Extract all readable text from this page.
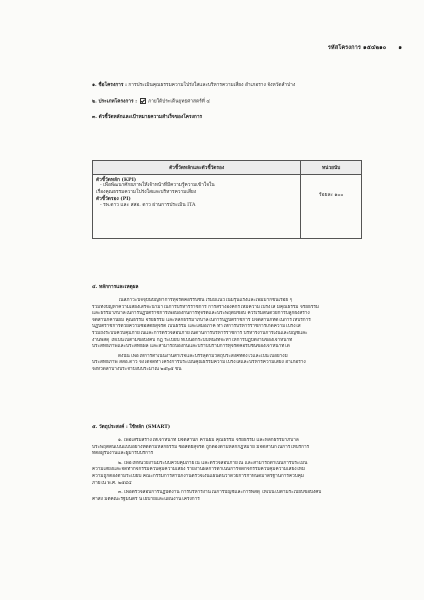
รหัสโครงการ ๑๕๔๒๑๐ ๑
๑. ชื่อโครงการ : การประเมินคุณธรรมความโปร่งใสและบริหารความเสี่ยง อำเภอราง จังหวัดลำปาง
๒. ประเภทโครงการ : ภายใต้ประเด็นยุทธศาสตร์ที่ ๔
๓. ตัวชี้วัดหลักและเป้าหมายความสำเร็จของโครงการ
ตัวชี้วัดหลักและตัวชี้วัดรอง	หน่วยนับ

ตัวชี้วัดหลัก (KPI)
- เพื่อพัฒนาศักยภาพให้เจ้าหน้าที่มีความรู้ความเข้าใจใน
เรื่องคุณธรรมความโปร่งใสและบริหารความเสี่ยง
ตัวชี้วัดรอง (PI)
- รพ.ดาว และ สสอ. ดาว ผ่านการประเมิน ITA	ร้อยละ ๑๐๐
๔. หลักการและเหตุผล
ในสภาวะปัจจุบันปัญหาการทุจริตคอร์รัปชั่น เริ่มมีแนวโน้มรุนแรงและเพิ่มมากขึ้นเรื่อย ๆ
รวมทั้งปัญหาความเสี่ยงเสรีจะนำมาในการบริหารราชการ การสร้างองค์กรให้มีความโปร่งใส มีคุณธรรม จริยธรรม
และธรรมาภิบาลในการปฏิบัติราชการเพื่อป้องกันการทุจริตและประพฤติมิชอบ ควรเริ่มต้นด้วยการปลูกฝังสร้าง
จิตสำนึกค่านิยม คุณธรรม จริยธรรม และหลักธรรมาภิบาลในการปฏิบัติราชการ มีจิตสำนึกที่ดีในการให้บริการ
ปฏิบัติราชการด้วยความซื่อสัตย์สุจริต เป็นธรรม และเสมอภาค ทำให้การบริหารราชการเกิดความโปร่งใส
รวมถึงระบบควบคุมภายในและการตรวจสอบภายในด้านการบริหารราชการ บริหารงานการเงินและบัญชีและ
งานพัสดุ ให้เป็นไปตามข้อบังคับ กฎ ระเบียบ ที่เป็นอีกระบบหนึ่งที่จะทำให้การปฏิบัติงานของเจ้าหน้าที่
ประสิทธิภาพและประสิทธิผล และสามารถป้องกันและปราบปรามการทุจริตคอรัปชั่นของเจ้าหน้าที่ได้
ดังนั้น เพื่อให้การดำเนินงานสำเร็จและบรรลุตามวัตถุประสงค์ที่ตั้งไว้และเป็นไปอย่างมี
ประสิทธิภาพ สสอ.ดาว จึงได้จัดทำโครงการประเมินคุณธรรมความโปร่งใสและบริหารความเสี่ยง อำเภอราง
จังหวัดลำปางประจำปีงบประมาณ ๒๕๖๕ ขึ้น
๕. วัตถุประสงค์ : ใช้หลัก (SMART)
๑. เพื่อเสริมสร้างให้เจ้าหน้าที่ มีจิตสำนึก ค่านิยม คุณธรรม จริยธรรม และหลักธรรมาภิบาล
ประพฤติตนเป็นแบบอย่างที่ดีตามหลักธรรม ซื่อสัตย์สุจริต ถูกต้องตามหลักกฎหมาย มีจิตสำนึกในการให้บริการ
ที่ต่อผู้รับงานและผู้มารับบริการ
๒. เพื่อให้หน่วยงานมีระบบควบคุมภายใน และตรวจสอบภายใน และสามารถดำเนินการประเมิน
ความเสี่ยงและจัดทำกิจกรรมควบคุมความเสี่ยง รายงานผลการดำเนินการจัดกิจกรรมควบคุมความเสี่ยงให้มี
ความถูกต้องตามระเบียบ คณะกรรมการสำนักงานตรวจเงินแผ่นดินว่าด้วยการกำหนดมาตรฐานการควบคุม
ภายใน พ.ศ. ๒๕๔๔
๓. เพื่อตรวจสอบการปฏิบัติงาน การบริหารงานในการบัญชีและการพัสดุ ให้เป็นไปตามระเบียบข้อบังคับ
คำสั่ง มติคณะรัฐมนตรี นโยบายและแผนงานโครงการ
